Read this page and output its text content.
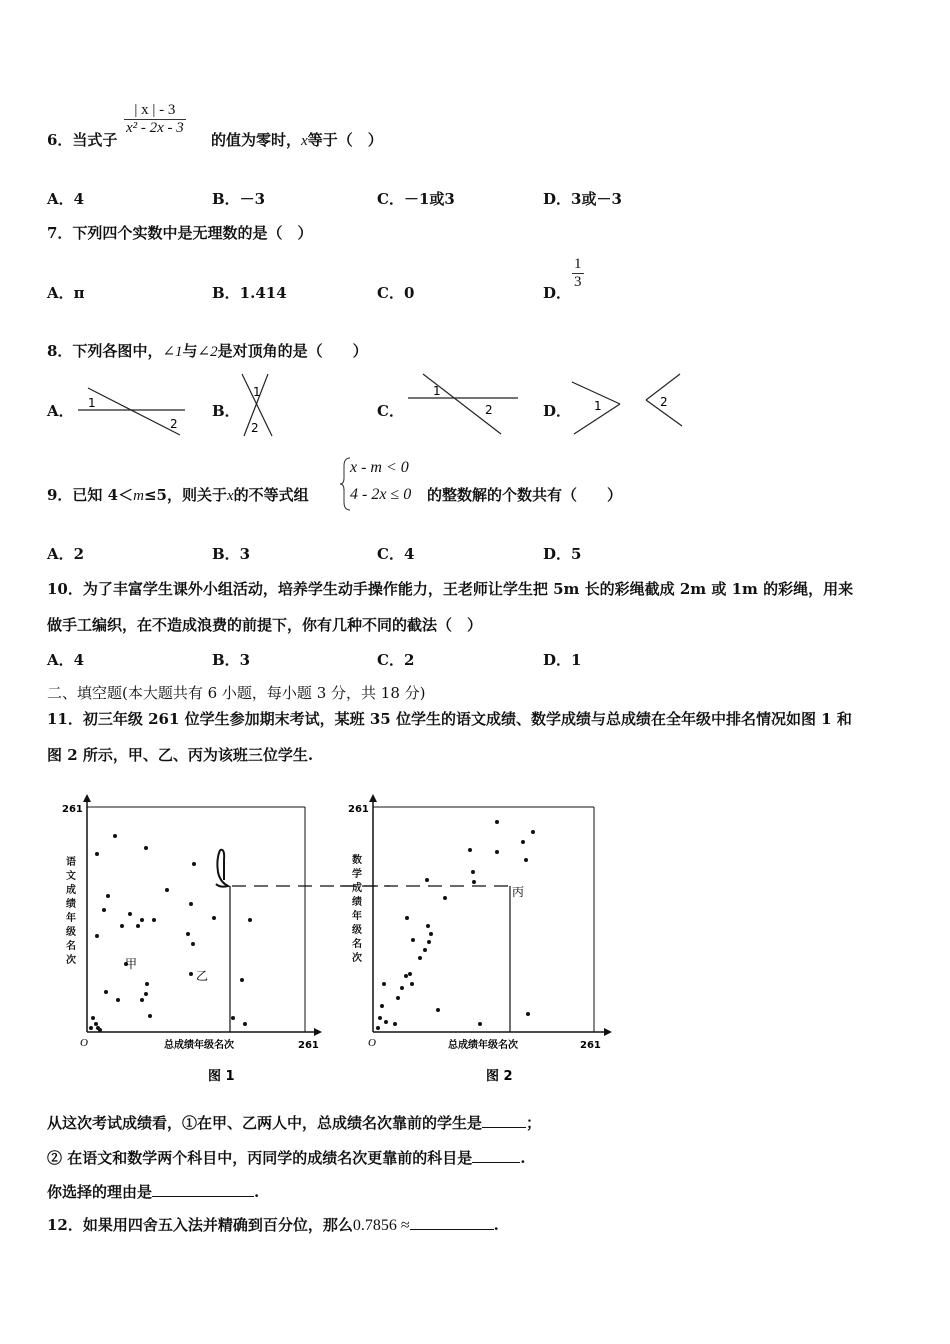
6．当式子
$\frac{| x | - 3}{\text{x² - 2x - 3}}$
的值为零时，x等于（　）
A．4	B．－3	C．－1或3	D．3或－3
7．下列四个实数中是无理数的是（　）
A．π	B．1.414	C．0	D．
$\frac{1}{3}$
8．下列各图中，∠1与∠2是对顶角的是（　　）
A．	B．	C．	D．
1
2
1
2
1
2	1	2
9．已知 4＜m≤5，则关于x的不等式组
x - m < 0
4 - 2x ≤ 0 的整数解的个数共有（　　）
A．2	B．3	C．4	D．5
10．为了丰富学生课外小组活动，培养学生动手操作能力，王老师让学生把 5m 长的彩绳截成 2m 或 1m 的彩绳，用来
做手工编织，在不造成浪费的前提下，你有几种不同的截法（　）
A．4	B．3	C．2	D．1
二、填空题(本大题共有 6 小题，每小题 3 分，共 18 分)
11．初三年级 261 位学生参加期末考试，某班 35 位学生的语文成绩、数学成绩与总成绩在全年级中排名情况如图 1 和
图 2 所示，甲、乙、丙为该班三位学生.
甲
乙
261
261
O	总成绩年级名次
图 1
语文成绩年级名次
丙
261
261
O	总成绩年级名次
图 2
数学成绩年级名次
从这次考试成绩看，①在甲、乙两人中，总成绩名次靠前的学生是	；
② 在语文和数学两个科目中，丙同学的成绩名次更靠前的科目是	.
你选择的理由是	.
12．如果用四舍五入法并精确到百分位，那么0.7856 ≈	.
